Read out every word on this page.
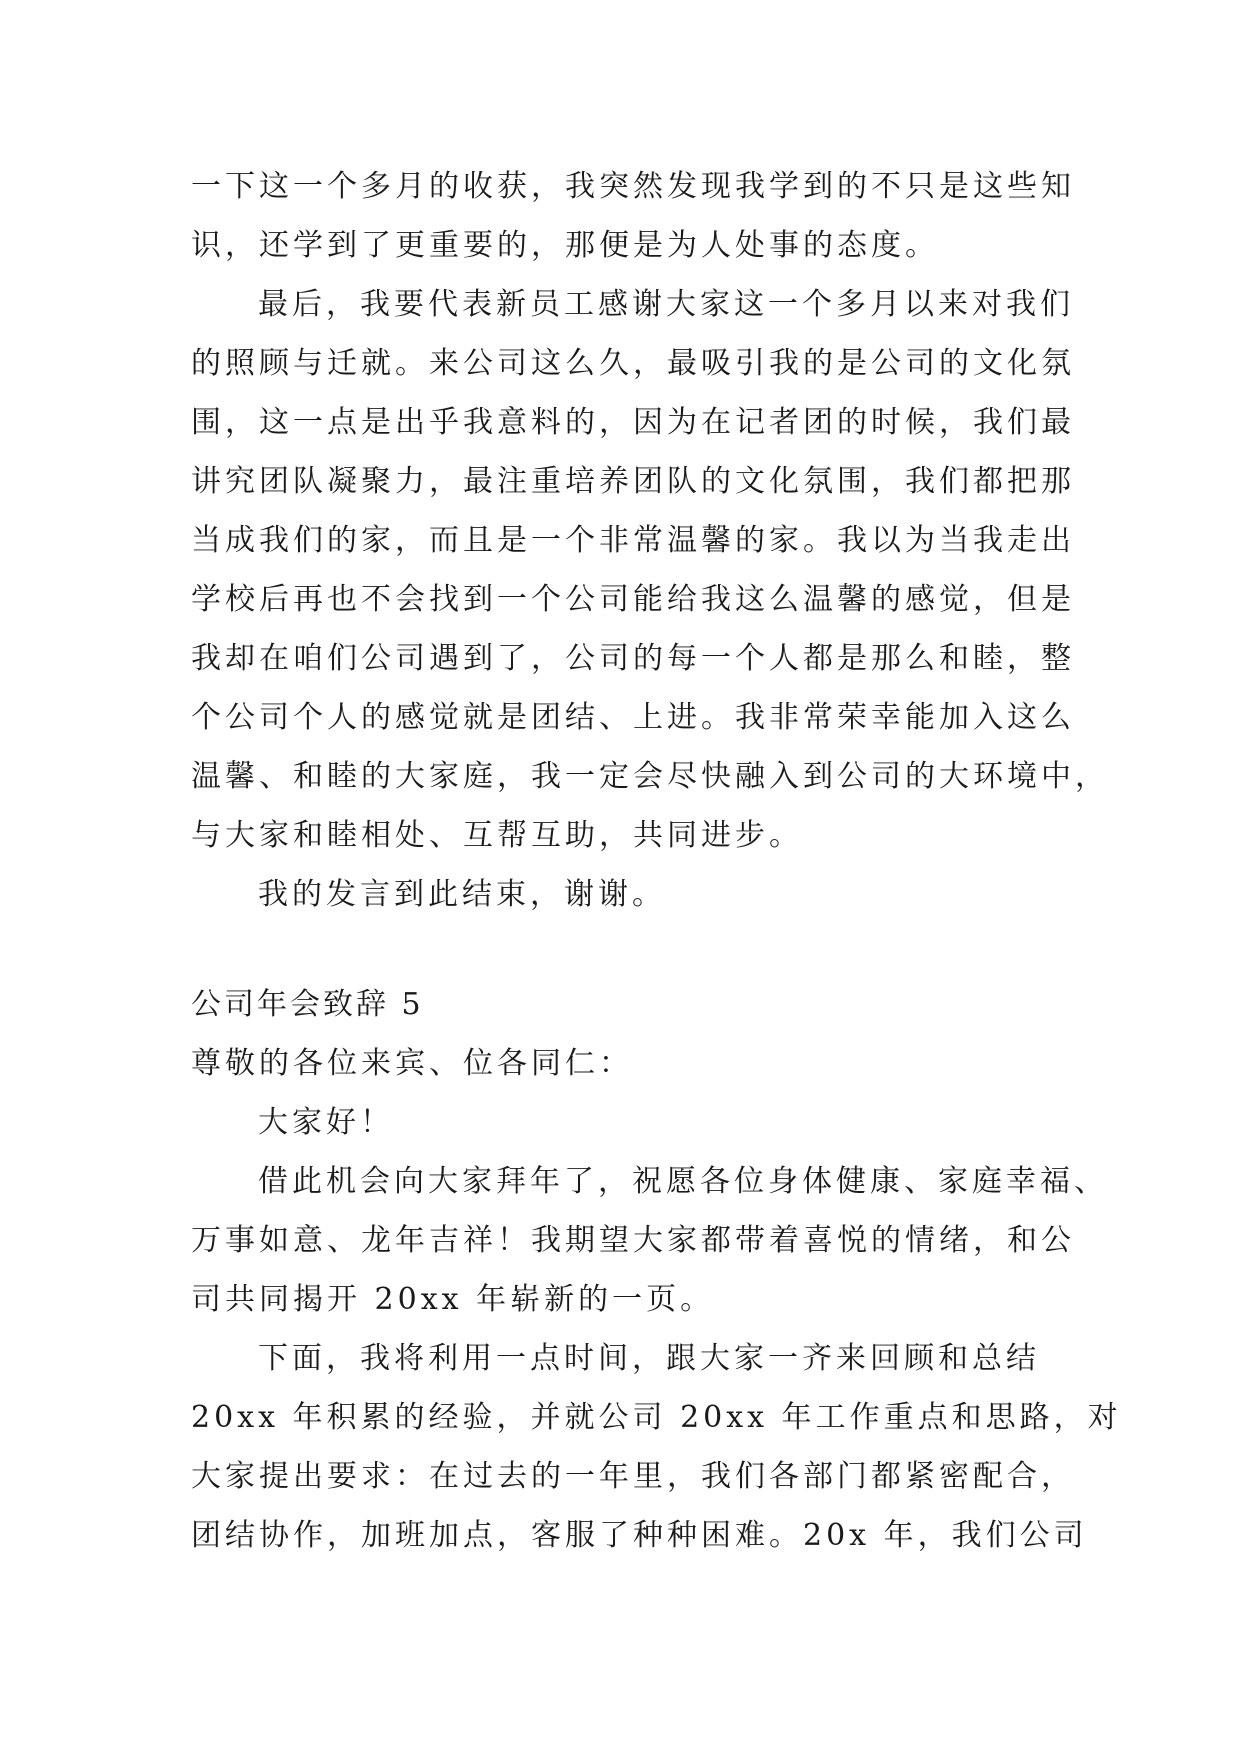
一下这一个多月的收获，我突然发现我学到的不只是这些知
识，还学到了更重要的，那便是为人处事的态度。
最后，我要代表新员工感谢大家这一个多月以来对我们
的照顾与迁就。来公司这么久，最吸引我的是公司的文化氛
围，这一点是出乎我意料的，因为在记者团的时候，我们最
讲究团队凝聚力，最注重培养团队的文化氛围，我们都把那
当成我们的家，而且是一个非常温馨的家。我以为当我走出
学校后再也不会找到一个公司能给我这么温馨的感觉，但是
我却在咱们公司遇到了，公司的每一个人都是那么和睦，整
个公司个人的感觉就是团结、上进。我非常荣幸能加入这么
温馨、和睦的大家庭，我一定会尽快融入到公司的大环境中，
与大家和睦相处、互帮互助，共同进步。
我的发言到此结束，谢谢。
公司年会致辞 5
尊敬的各位来宾、位各同仁：
大家好！
借此机会向大家拜年了，祝愿各位身体健康、家庭幸福、
万事如意、龙年吉祥！我期望大家都带着喜悦的情绪，和公
司共同揭开 20xx 年崭新的一页。
下面，我将利用一点时间，跟大家一齐来回顾和总结
20xx 年积累的经验，并就公司 20xx 年工作重点和思路，对
大家提出要求：在过去的一年里，我们各部门都紧密配合，
团结协作，加班加点，客服了种种困难。20x 年，我们公司
